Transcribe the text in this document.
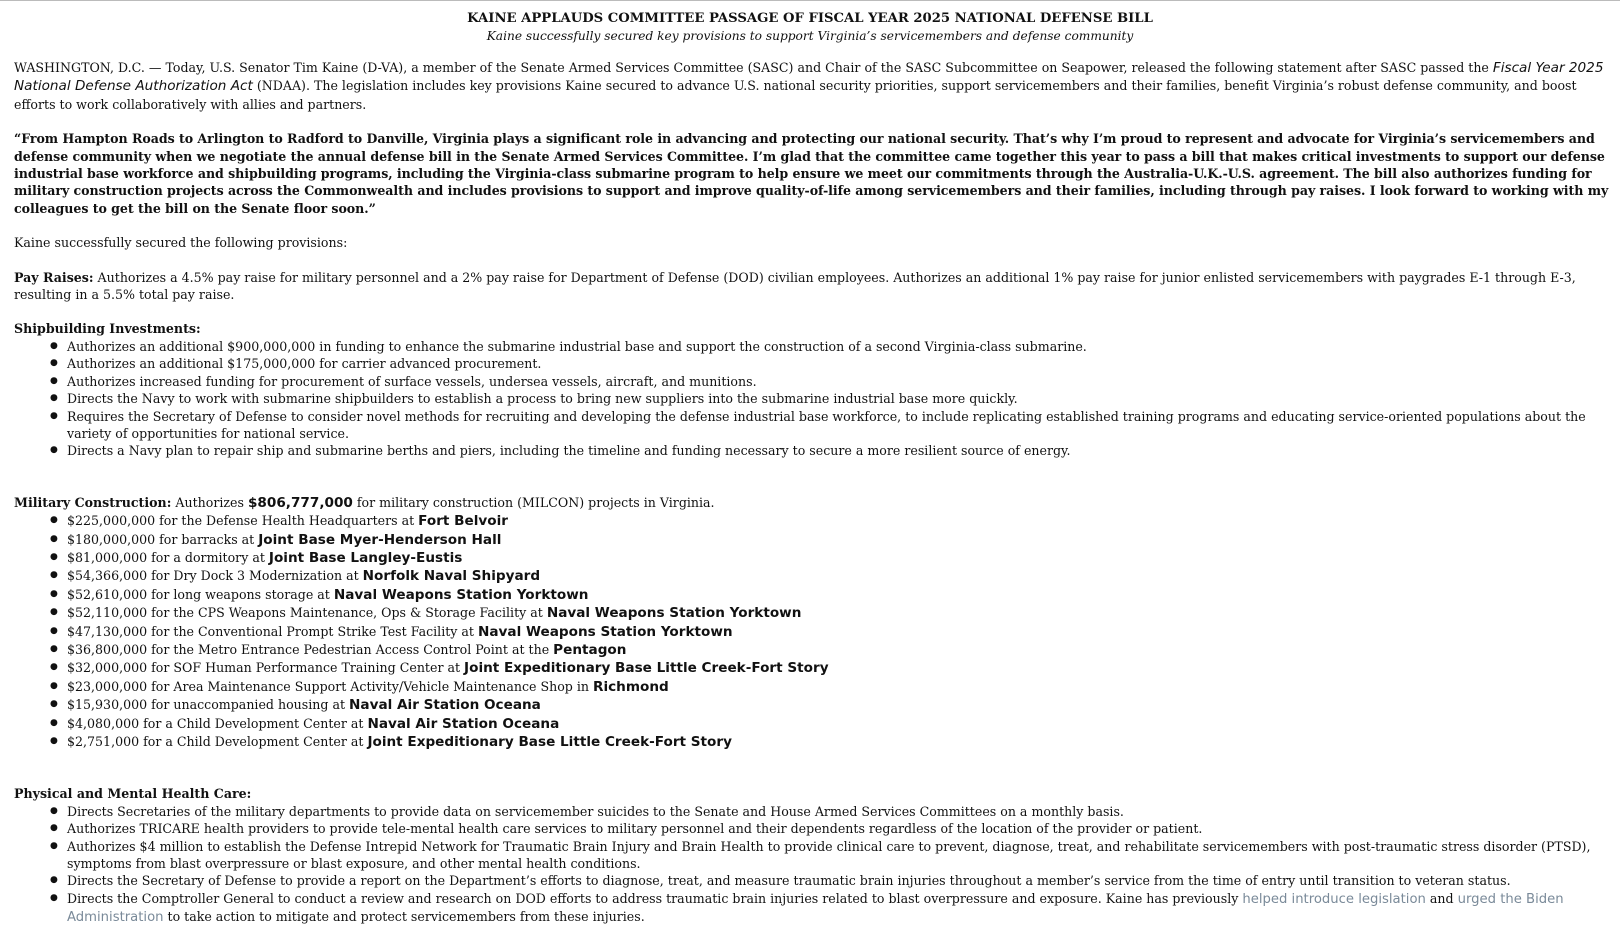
KAINE APPLAUDS COMMITTEE PASSAGE OF FISCAL YEAR 2025 NATIONAL DEFENSE BILL
Kaine successfully secured key provisions to support Virginia’s servicemembers and defense community

WASHINGTON, D.C. — Today, U.S. Senator Tim Kaine (D-VA), a member of the Senate Armed Services Committee (SASC) and Chair of the SASC Subcommittee on Seapower, released the following statement after SASC passed the Fiscal Year 2025 National Defense Authorization Act (NDAA). The legislation includes key provisions Kaine secured to advance U.S. national security priorities, support servicemembers and their families, benefit Virginia’s robust defense community, and boost efforts to work collaboratively with allies and partners.

“From Hampton Roads to Arlington to Radford to Danville, Virginia plays a significant role in advancing and protecting our national security. That’s why I’m proud to represent and advocate for Virginia’s servicemembers and defense community when we negotiate the annual defense bill in the Senate Armed Services Committee. I’m glad that the committee came together this year to pass a bill that makes critical investments to support our defense industrial base workforce and shipbuilding programs, including the Virginia-class submarine program to help ensure we meet our commitments through the Australia-U.K.-U.S. agreement. The bill also authorizes funding for military construction projects across the Commonwealth and includes provisions to support and improve quality-of-life among servicemembers and their families, including through pay raises. I look forward to working with my colleagues to get the bill on the Senate floor soon.”

Kaine successfully secured the following provisions:

Pay Raises: Authorizes a 4.5% pay raise for military personnel and a 2% pay raise for Department of Defense (DOD) civilian employees. Authorizes an additional 1% pay raise for junior enlisted servicemembers with paygrades E-1 through E-3, resulting in a 5.5% total pay raise.

Shipbuilding Investments:

● Authorizes an additional $900,000,000 in funding to enhance the submarine industrial base and support the construction of a second Virginia-class submarine.
● Authorizes an additional $175,000,000 for carrier advanced procurement.
● Authorizes increased funding for procurement of surface vessels, undersea vessels, aircraft, and munitions.
● Directs the Navy to work with submarine shipbuilders to establish a process to bring new suppliers into the submarine industrial base more quickly.
● Requires the Secretary of Defense to consider novel methods for recruiting and developing the defense industrial base workforce, to include replicating established training programs and educating service-oriented populations about the variety of opportunities for national service.
● Directs a Navy plan to repair ship and submarine berths and piers, including the timeline and funding necessary to secure a more resilient source of energy.

Military Construction: Authorizes $806,777,000 for military construction (MILCON) projects in Virginia.

● $225,000,000 for the Defense Health Headquarters at Fort Belvoir
● $180,000,000 for barracks at Joint Base Myer-Henderson Hall
● $81,000,000 for a dormitory at Joint Base Langley-Eustis
● $54,366,000 for Dry Dock 3 Modernization at Norfolk Naval Shipyard
● $52,610,000 for long weapons storage at Naval Weapons Station Yorktown
● $52,110,000 for the CPS Weapons Maintenance, Ops & Storage Facility at Naval Weapons Station Yorktown
● $47,130,000 for the Conventional Prompt Strike Test Facility at Naval Weapons Station Yorktown
● $36,800,000 for the Metro Entrance Pedestrian Access Control Point at the Pentagon
● $32,000,000 for SOF Human Performance Training Center at Joint Expeditionary Base Little Creek-Fort Story
● $23,000,000 for Area Maintenance Support Activity/Vehicle Maintenance Shop in Richmond
● $15,930,000 for unaccompanied housing at Naval Air Station Oceana
● $4,080,000 for a Child Development Center at Naval Air Station Oceana
● $2,751,000 for a Child Development Center at Joint Expeditionary Base Little Creek-Fort Story

Physical and Mental Health Care:

● Directs Secretaries of the military departments to provide data on servicemember suicides to the Senate and House Armed Services Committees on a monthly basis.
● Authorizes TRICARE health providers to provide tele-mental health care services to military personnel and their dependents regardless of the location of the provider or patient.
● Authorizes $4 million to establish the Defense Intrepid Network for Traumatic Brain Injury and Brain Health to provide clinical care to prevent, diagnose, treat, and rehabilitate servicemembers with post-traumatic stress disorder (PTSD), symptoms from blast overpressure or blast exposure, and other mental health conditions.
● Directs the Secretary of Defense to provide a report on the Department’s efforts to diagnose, treat, and measure traumatic brain injuries throughout a member’s service from the time of entry until transition to veteran status.
● Directs the Comptroller General to conduct a review and research on DOD efforts to address traumatic brain injuries related to blast overpressure and exposure. Kaine has previously helped introduce legislation and urged the Biden Administration to take action to mitigate and protect servicemembers from these injuries.
